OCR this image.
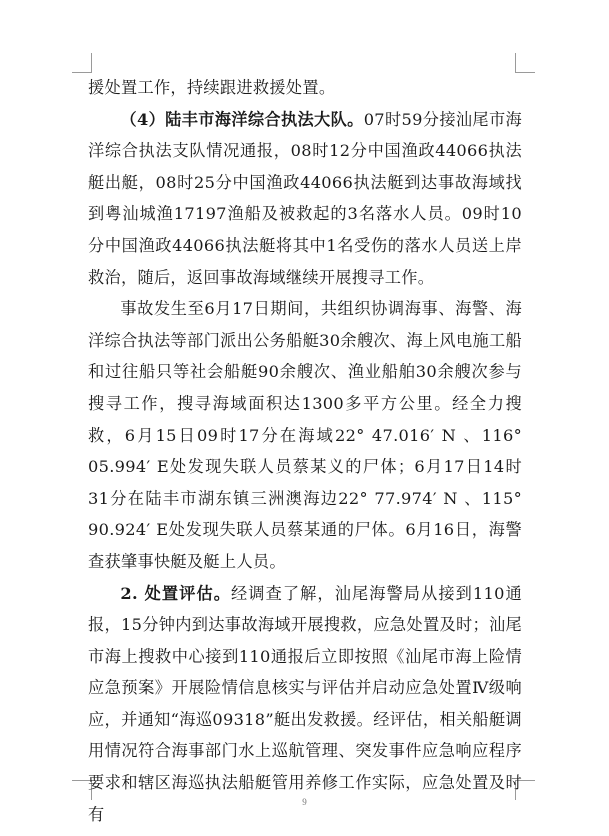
援处置工作，持续跟进救援处置。

（4）陆丰市海洋综合执法大队。07时59分接汕尾市海洋综合执法支队情况通报，08时12分中国渔政44066执法艇出艇，08时25分中国渔政44066执法艇到达事故海域找到粤汕城渔17197渔船及被救起的3名落水人员。09时10分中国渔政44066执法艇将其中1名受伤的落水人员送上岸救治，随后，返回事故海域继续开展搜寻工作。

事故发生至6月17日期间，共组织协调海事、海警、海洋综合执法等部门派出公务船艇30余艘次、海上风电施工船和过往船只等社会船艇90余艘次、渔业船舶30余艘次参与搜寻工作，搜寻海域面积达1300多平方公里。经全力搜救，6月15日09时17分在海域22° 47.016′ N 、116° 05.994′ E处发现失联人员蔡某义的尸体；6月17日14时31分在陆丰市湖东镇三洲澳海边22° 77.974′ N 、115° 90.924′ E处发现失联人员蔡某通的尸体。6月16日，海警查获肇事快艇及艇上人员。

2. 处置评估。经调查了解，汕尾海警局从接到110通报，15分钟内到达事故海域开展搜救，应急处置及时；汕尾市海上搜救中心接到110通报后立即按照《汕尾市海上险情应急预案》开展险情信息核实与评估并启动应急处置Ⅳ级响应，并通知“海巡09318”艇出发救援。经评估，相关船艇调用情况符合海事部门水上巡航管理、突发事件应急响应程序要求和辖区海巡执法船艇管用养修工作实际，应急处置及时有

9
